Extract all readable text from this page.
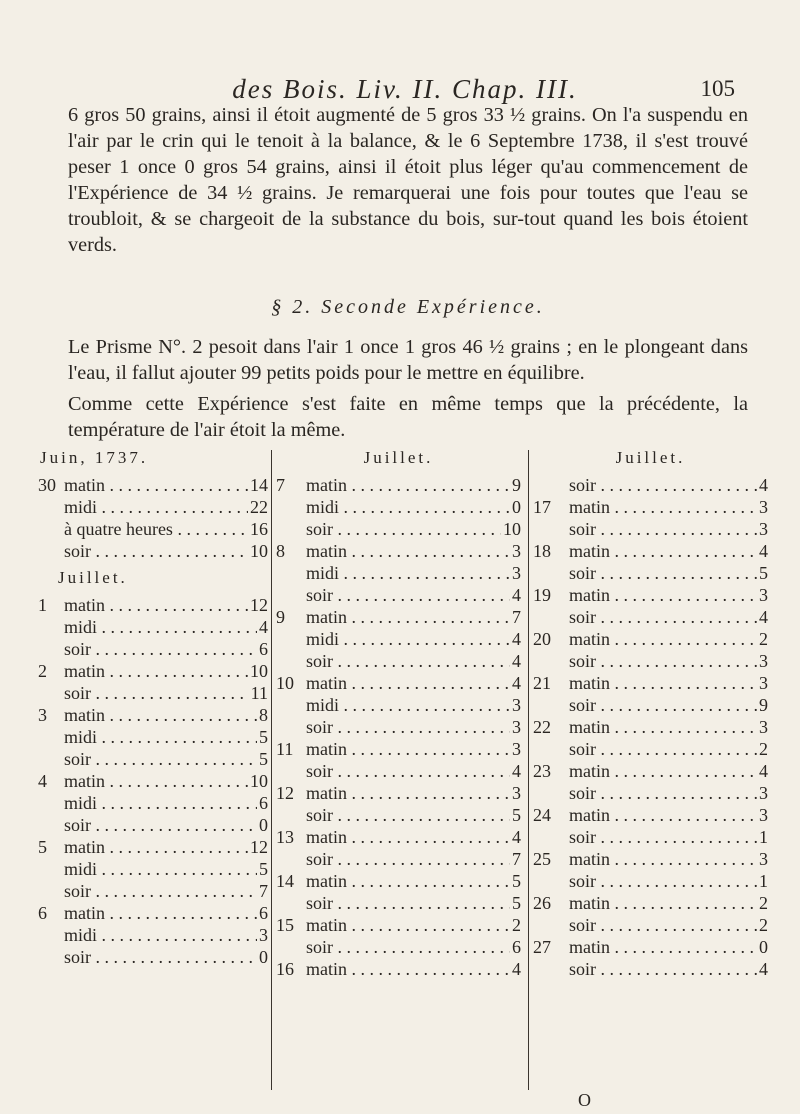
des Bois. Liv. II. Chap. III.	105
6 gros 50 grains, ainsi il étoit augmenté de 5 gros 33 ½ grains. On l'a suspendu en l'air par le crin qui le tenoit à la balance, & le 6 Septembre 1738, il s'est trouvé peser 1 once 0 gros 54 grains, ainsi il étoit plus léger qu'au commencement de l'Expérience de 34 ½ grains. Je remarquerai une fois pour toutes que l'eau se troubloit, & se chargeoit de la substance du bois, sur-tout quand les bois étoient verds.
§ 2. Seconde Expérience.
Le Prisme N°. 2 pesoit dans l'air 1 once 1 gros 46 ½ grains ; en le plongeant dans l'eau, il fallut ajouter 99 petits poids pour le mettre en équilibre.
Comme cette Expérience s'est faite en même temps que la précédente, la température de l'air étoit la même.
Juin, 1737.
30 matin . . .	14
midi . . .	22
à quatre heures . . .	16
soir . . .	10
Juillet.
1 matin . . .	12
midi . . .	4
soir . . .	6
2 matin . . .	10
soir . . .	11
3 matin . . .	8
midi . . .	5
soir . . .	5
4 matin . . .	10
midi . . .	6
soir . . .	0
5 matin . . .	12
midi . . .	5
soir . . .	7
6 matin . . .	6
midi . . .	3
soir . . .	0
Juillet.
7	matin . . .	9
midi . . .	0
soir . . .	10
8	matin . . .	3
midi . . .	3
soir . . .	4
9	matin . . .	7
midi . . .	4
soir . . .	4
10 matin . . .	4
midi . . .	3
soir . . .	3
11 matin . . .	3
soir . . .	4
12 matin . . .	3
soir . . .	5
13 matin . . .	4
soir . . .	7
14 matin . . .	5
soir . . .	5
15 matin . . .	2
soir . . .	6
16 matin . . .	4
Juillet.
soir . . .	4
17	matin . . .	3
soir . . .	3
18	matin . . .	4
soir . . .	5
19	matin . . .	3
soir . . .	4
20	matin . . .	2
soir . . .	3
21	matin . . .	3
soir . . .	9
22	matin . . .	3
soir . . .	2
23	matin . . .	4
soir . . .	3
24	matin . . .	3
soir . . .	1
25	matin . . .	3
soir . . .	1
26	matin . . .	2
soir . . .	2
27	matin . . .	0
soir . . .	4
O
